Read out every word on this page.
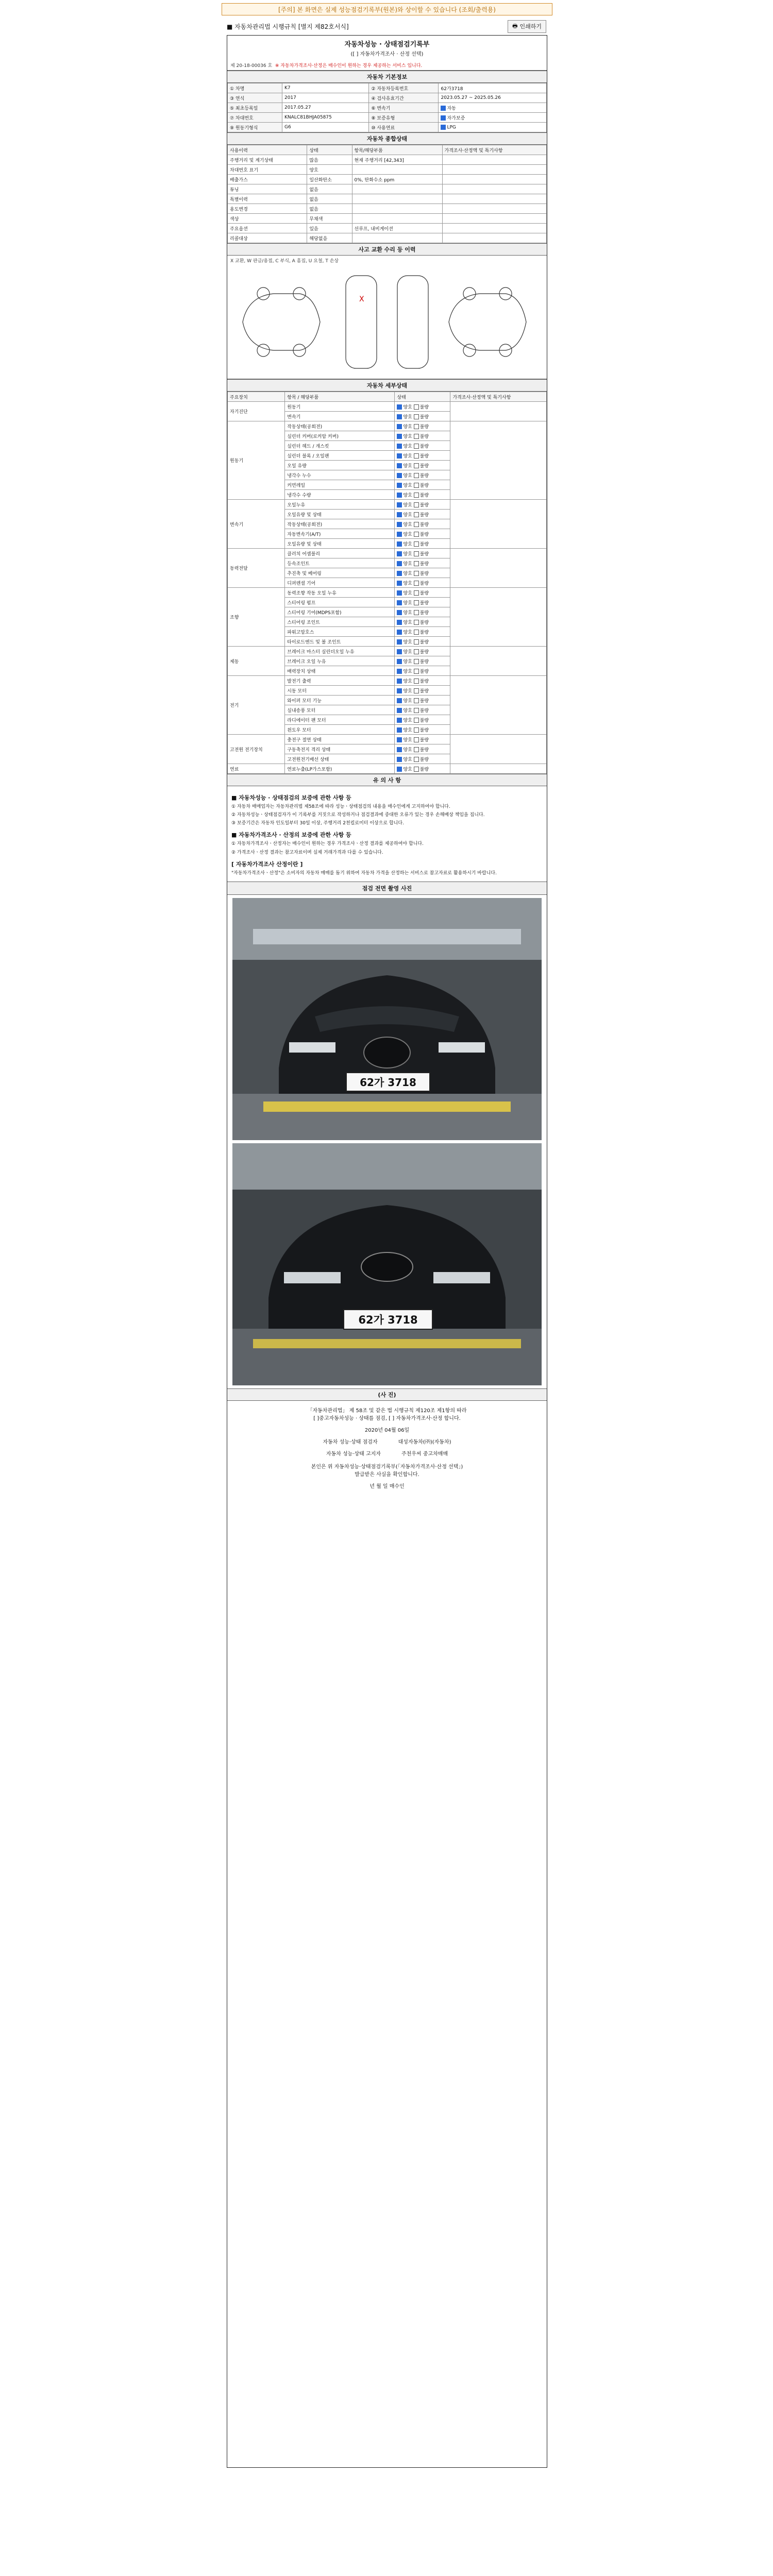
[주의] 본 화면은 실제 성능점검기록부(원본)와 상이할 수 있습니다 (조회/출력용)
■ 자동차관리법 시행규칙 [별지 제82호서식]	🖶 인쇄하기
자동차성능 · 상태점검기록부
([ ] 자동차가격조사 · 산정 선택)
제 20-18-00036 호 ※ 자동차가격조사·산정은 매수인이 원하는 경우 제공하는 서비스 입니다.
자동차 기본정보
① 차명	K7	② 자동차등록번호	62가3718
③ 연식	2017	④ 검사유효기간	2023.05.27 ~ 2025.05.26
⑤ 최초등록일	2017.05.27	⑥ 변속기	자동
⑦ 차대번호	KNALC81BHJA05875	⑧ 보증유형	자가보증
⑨ 원동기형식	G6	⑩ 사용연료	LPG
자동차 종합상태
사용이력	상태	항목/해당부품	가격조사·산정액 및 특기사항
주행거리 및 계기상태	많음	현재 주행거리 [42,343]	
차대번호 표기	양호		
배출가스	일산화탄소	0%, 탄화수소 ppm	
튜닝	없음		
특별이력	없음		
용도변경	없음		
색상	무채색		
주요옵션	있음	선루프, 내비게이션	
리콜대상	해당없음		
사고 교환 수리 등 이력
X 교환, W 판금/용접, C 부식, A 흠집, U 요철, T 손상
X
자동차 세부상태
주요장치	항목 / 해당부품	상태	가격조사·산정액 및 특기사항
자기진단	원동기	양호 불량	
	변속기	양호 불량	
원동기	작동상태(공회전)	양호 불량	
	실린더 커버(로커암 커버)	양호 불량	
	실린더 헤드 / 개스킷	양호 불량	
	실린더 블록 / 오일팬	양호 불량	
	오일 유량	양호 불량	
	냉각수 누수	양호 불량	
	커먼레일	양호 불량	
	냉각수 수량	양호 불량	
변속기	오일누유	양호 불량	
	오일유량 및 상태	양호 불량	
	작동상태(공회전)	양호 불량	
	자동변속기(A/T)	양호 불량	
	오일유량 및 상태	양호 불량	
동력전달	클러치 어셈블리	양호 불량	
	등속조인트	양호 불량	
	추진축 및 베어링	양호 불량	
	디퍼렌셜 기어	양호 불량	
조향	동력조향 작동 오일 누유	양호 불량	
	스티어링 펌프	양호 불량	
	스티어링 기어(MDPS포함)	양호 불량	
	스티어링 조인트	양호 불량	
	파워고압호스	양호 불량	
	타이로드엔드 및 볼 조인트	양호 불량	
제동	브레이크 마스터 실린더오일 누유	양호 불량	
	브레이크 오일 누유	양호 불량	
	배력장치 상태	양호 불량	
전기	발전기 출력	양호 불량	
	시동 모터	양호 불량	
	와이퍼 모터 기능	양호 불량	
	실내송풍 모터	양호 불량	
	라디에이터 팬 모터	양호 불량	
	윈도우 모터	양호 불량	
고전원 전기장치	충전구 절연 상태	양호 불량	
	구동축전지 격리 상태	양호 불량	
	고전원전기배선 상태	양호 불량	
연료	연료누출(LP가스포함)	양호 불량	
유 의 사 항
■ 자동차성능 · 상태점검의 보증에 관한 사항 등

① 자동차 매매업자는 자동차관리법 제58조에 따라 성능ㆍ상태점검의 내용을 매수인에게 고지하여야 합니다.

② 자동차성능ㆍ상태점검자가 이 기록부를 거짓으로 작성하거나 점검결과에 중대한 오류가 있는 경우 손해배상 책임을 집니다.

③ 보증기간은 자동차 인도일부터 30일 이상, 주행거리 2천킬로미터 이상으로 합니다.

■ 자동차가격조사 · 산정의 보증에 관한 사항 등

① 자동차가격조사ㆍ산정자는 매수인이 원하는 경우 가격조사ㆍ산정 결과를 제공하여야 합니다.

② 가격조사ㆍ산정 결과는 참고자료이며 실제 거래가격과 다를 수 있습니다.

[ 자동차가격조사 산정이란 ]

"자동차가격조사ㆍ산정"은 소비자의 자동차 매매를 돕기 위하여 자동차 가격을 산정하는 서비스로 참고자료로 활용하시기 바랍니다.

점검 전면 촬영 사진
62가 3718
62가 3718
(사 진)
「자동차관리법」 제 58조 및 같은 법 시행규칙 제120조 제1항의 따라
[ ]중고자동차성능 · 상태를 점검, [ ] 자동차가격조사·산정 합니다.
2020년 04월 06일
자동차 성능·상태 점검자	대성자동차(㈜)(자동차)
자동차 성능·상태 고지자	주천우씨 중고차매매
본인은 위 자동차성능·상태점검기록부(「자동차가격조사·산정 선택」)
발급받은 사실을 확인합니다.
년 월 일 매수인
